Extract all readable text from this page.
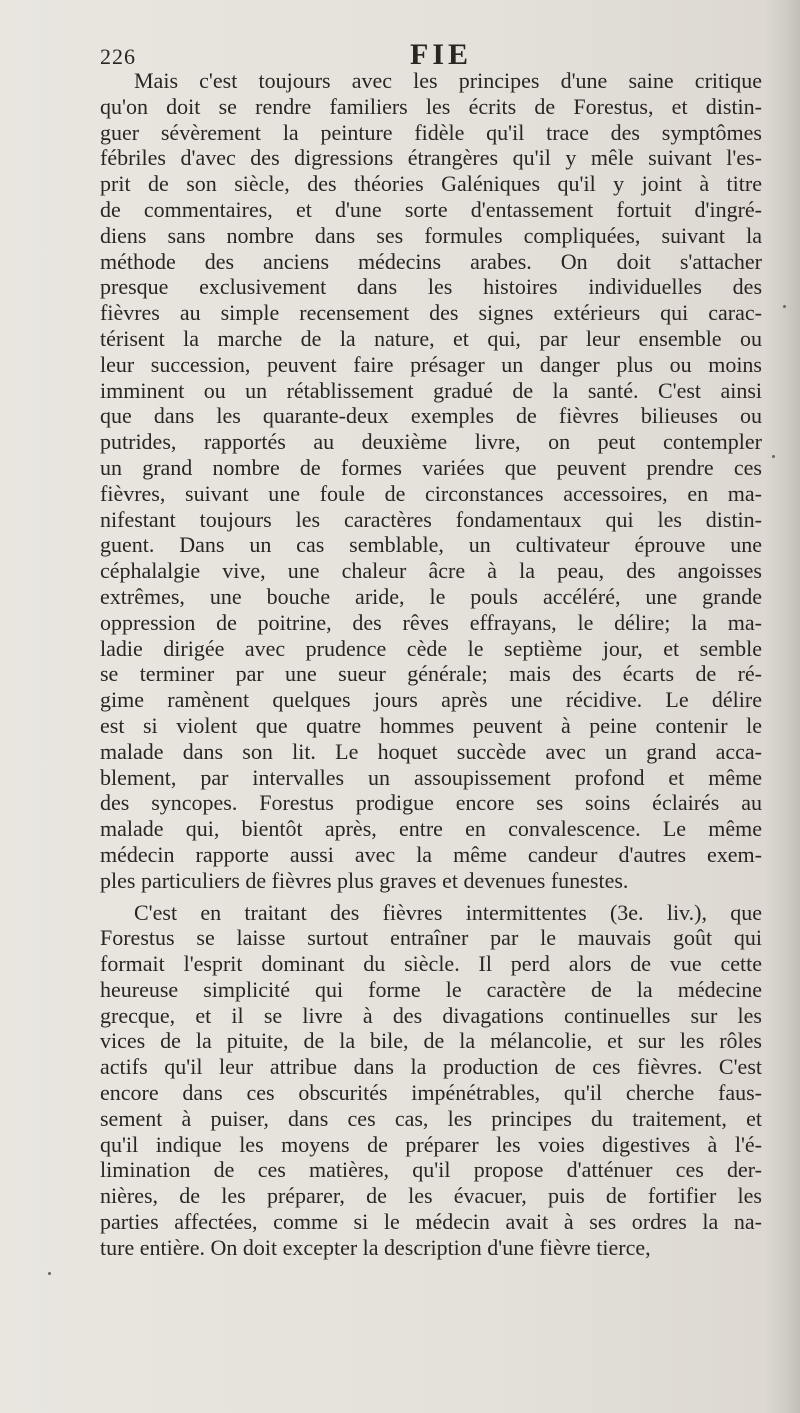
226	FIE
Mais c'est toujours avec les principes d'une saine critique
qu'on doit se rendre familiers les écrits de Forestus, et distin-
guer sévèrement la peinture fidèle qu'il trace des symptômes
fébriles d'avec des digressions étrangères qu'il y mêle suivant l'es-
prit de son siècle, des théories Galéniques qu'il y joint à titre
de commentaires, et d'une sorte d'entassement fortuit d'ingré-
diens sans nombre dans ses formules compliquées, suivant la
méthode des anciens médecins arabes. On doit s'attacher
presque exclusivement dans les histoires individuelles des
fièvres au simple recensement des signes extérieurs qui carac-
térisent la marche de la nature, et qui, par leur ensemble ou
leur succession, peuvent faire présager un danger plus ou moins
imminent ou un rétablissement gradué de la santé. C'est ainsi
que dans les quarante-deux exemples de fièvres bilieuses ou
putrides, rapportés au deuxième livre, on peut contempler
un grand nombre de formes variées que peuvent prendre ces
fièvres, suivant une foule de circonstances accessoires, en ma-
nifestant toujours les caractères fondamentaux qui les distin-
guent. Dans un cas semblable, un cultivateur éprouve une
céphalalgie vive, une chaleur âcre à la peau, des angoisses
extrêmes, une bouche aride, le pouls accéléré, une grande
oppression de poitrine, des rêves effrayans, le délire; la ma-
ladie dirigée avec prudence cède le septième jour, et semble
se terminer par une sueur générale; mais des écarts de ré-
gime ramènent quelques jours après une récidive. Le délire
est si violent que quatre hommes peuvent à peine contenir le
malade dans son lit. Le hoquet succède avec un grand acca-
blement, par intervalles un assoupissement profond et même
des syncopes. Forestus prodigue encore ses soins éclairés au
malade qui, bientôt après, entre en convalescence. Le même
médecin rapporte aussi avec la même candeur d'autres exem-
ples particuliers de fièvres plus graves et devenues funestes.
C'est en traitant des fièvres intermittentes (3e. liv.), que
Forestus se laisse surtout entraîner par le mauvais goût qui
formait l'esprit dominant du siècle. Il perd alors de vue cette
heureuse simplicité qui forme le caractère de la médecine
grecque, et il se livre à des divagations continuelles sur les
vices de la pituite, de la bile, de la mélancolie, et sur les rôles
actifs qu'il leur attribue dans la production de ces fièvres. C'est
encore dans ces obscurités impénétrables, qu'il cherche faus-
sement à puiser, dans ces cas, les principes du traitement, et
qu'il indique les moyens de préparer les voies digestives à l'é-
limination de ces matières, qu'il propose d'atténuer ces der-
nières, de les préparer, de les évacuer, puis de fortifier les
parties affectées, comme si le médecin avait à ses ordres la na-
ture entière. On doit excepter la description d'une fièvre tierce,
